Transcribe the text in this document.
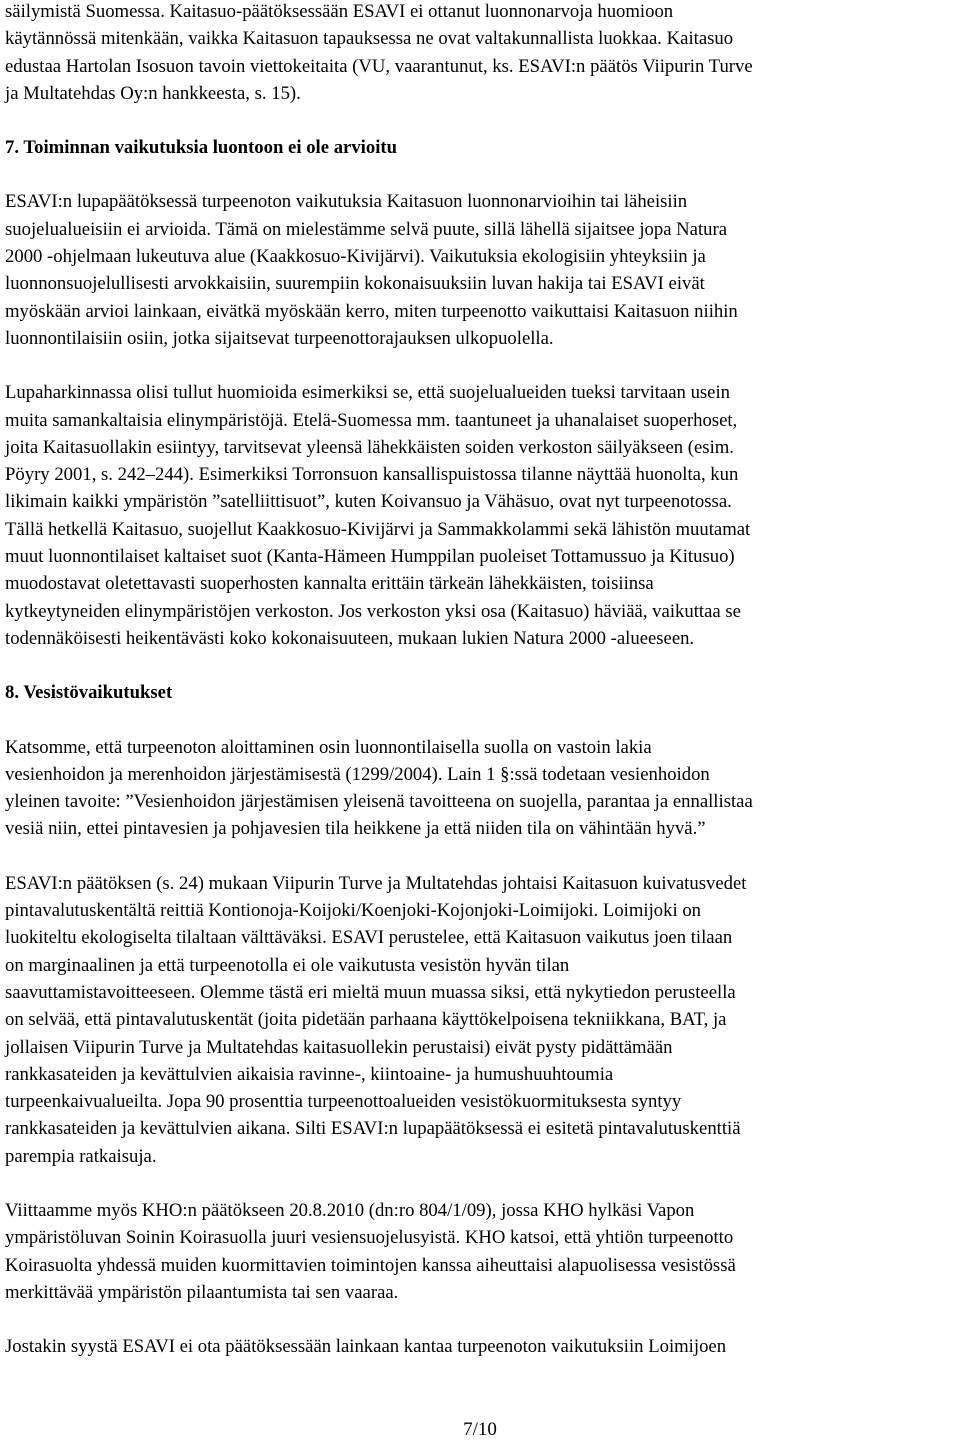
säilymistä Suomessa. Kaitasuo-päätöksessään ESAVI ei ottanut luonnonarvoja huomioon
käytännössä mitenkään, vaikka Kaitasuon tapauksessa ne ovat valtakunnallista luokkaa. Kaitasuo
edustaa Hartolan Isosuon tavoin viettokeitaita (VU, vaarantunut, ks. ESAVI:n päätös Viipurin Turve
ja Multatehdas Oy:n hankkeesta, s. 15).
7. Toiminnan vaikutuksia luontoon ei ole arvioitu
ESAVI:n lupapäätöksessä turpeenoton vaikutuksia Kaitasuon luonnonarvioihin tai läheisiin
suojelualueisiin ei arvioida. Tämä on mielestämme selvä puute, sillä lähellä sijaitsee jopa Natura
2000 -ohjelmaan lukeutuva alue (Kaakkosuo-Kivijärvi). Vaikutuksia ekologisiin yhteyksiin ja
luonnonsuojelullisesti arvokkaisiin, suurempiin kokonaisuuksiin luvan hakija tai ESAVI eivät
myöskään arvioi lainkaan, eivätkä myöskään kerro, miten turpeenotto vaikuttaisi Kaitasuon niihin
luonnontilaisiin osiin, jotka sijaitsevat turpeenottorajauksen ulkopuolella.
Lupaharkinnassa olisi tullut huomioida esimerkiksi se, että suojelualueiden tueksi tarvitaan usein
muita samankaltaisia elinympäristöjä. Etelä-Suomessa mm. taantuneet ja uhanalaiset suoperhoset,
joita Kaitasuollakin esiintyy, tarvitsevat yleensä lähekkäisten soiden verkoston säilyäkseen (esim.
Pöyry 2001, s. 242–244). Esimerkiksi Torronsuon kansallispuistossa tilanne näyttää huonolta, kun
likimain kaikki ympäristön ”satelliittisuot”, kuten Koivansuo ja Vähäsuo, ovat nyt turpeenotossa.
Tällä hetkellä Kaitasuo, suojellut Kaakkosuo-Kivijärvi ja Sammakkolammi sekä lähistön muutamat
muut luonnontilaiset kaltaiset suot (Kanta-Hämeen Humppilan puoleiset Tottamussuo ja Kitusuo)
muodostavat oletettavasti suoperhosten kannalta erittäin tärkeän lähekkäisten, toisiinsa
kytkeytyneiden elinympäristöjen verkoston. Jos verkoston yksi osa (Kaitasuo) häviää, vaikuttaa se
todennäköisesti heikentävästi koko kokonaisuuteen, mukaan lukien Natura 2000 -alueeseen.
8. Vesistövaikutukset
Katsomme, että turpeenoton aloittaminen osin luonnontilaisella suolla on vastoin lakia
vesienhoidon ja merenhoidon järjestämisestä (1299/2004). Lain 1 §:ssä todetaan vesienhoidon
yleinen tavoite: ”Vesienhoidon järjestämisen yleisenä tavoitteena on suojella, parantaa ja ennallistaa
vesiä niin, ettei pintavesien ja pohjavesien tila heikkene ja että niiden tila on vähintään hyvä.”
ESAVI:n päätöksen (s. 24) mukaan Viipurin Turve ja Multatehdas johtaisi Kaitasuon kuivatusvedet
pintavalutuskentältä reittiä Kontionoja-Koijoki/Koenjoki-Kojonjoki-Loimijoki. Loimijoki on
luokiteltu ekologiselta tilaltaan välttäväksi. ESAVI perustelee, että Kaitasuon vaikutus joen tilaan
on marginaalinen ja että turpeenotolla ei ole vaikutusta vesistön hyvän tilan
saavuttamistavoitteeseen. Olemme tästä eri mieltä muun muassa siksi, että nykytiedon perusteella
on selvää, että pintavalutuskentät (joita pidetään parhaana käyttökelpoisena tekniikkana, BAT, ja
jollaisen Viipurin Turve ja Multatehdas kaitasuollekin perustaisi) eivät pysty pidättämään
rankkasateiden ja kevättulvien aikaisia ravinne-, kiintoaine- ja humushuuhtoumia
turpeenkaivualueilta. Jopa 90 prosenttia turpeenottoalueiden vesistökuormituksesta syntyy
rankkasateiden ja kevättulvien aikana. Silti ESAVI:n lupapäätöksessä ei esitetä pintavalutuskenttiä
parempia ratkaisuja.
Viittaamme myös KHO:n päätökseen 20.8.2010 (dn:ro 804/1/09), jossa KHO hylkäsi Vapon
ympäristöluvan Soinin Koirasuolla juuri vesiensuojelusyistä. KHO katsoi, että yhtiön turpeenotto
Koirasuolta yhdessä muiden kuormittavien toimintojen kanssa aiheuttaisi alapuolisessa vesistössä
merkittävää ympäristön pilaantumista tai sen vaaraa.
Jostakin syystä ESAVI ei ota päätöksessään lainkaan kantaa turpeenoton vaikutuksiin Loimijoen
7/10
